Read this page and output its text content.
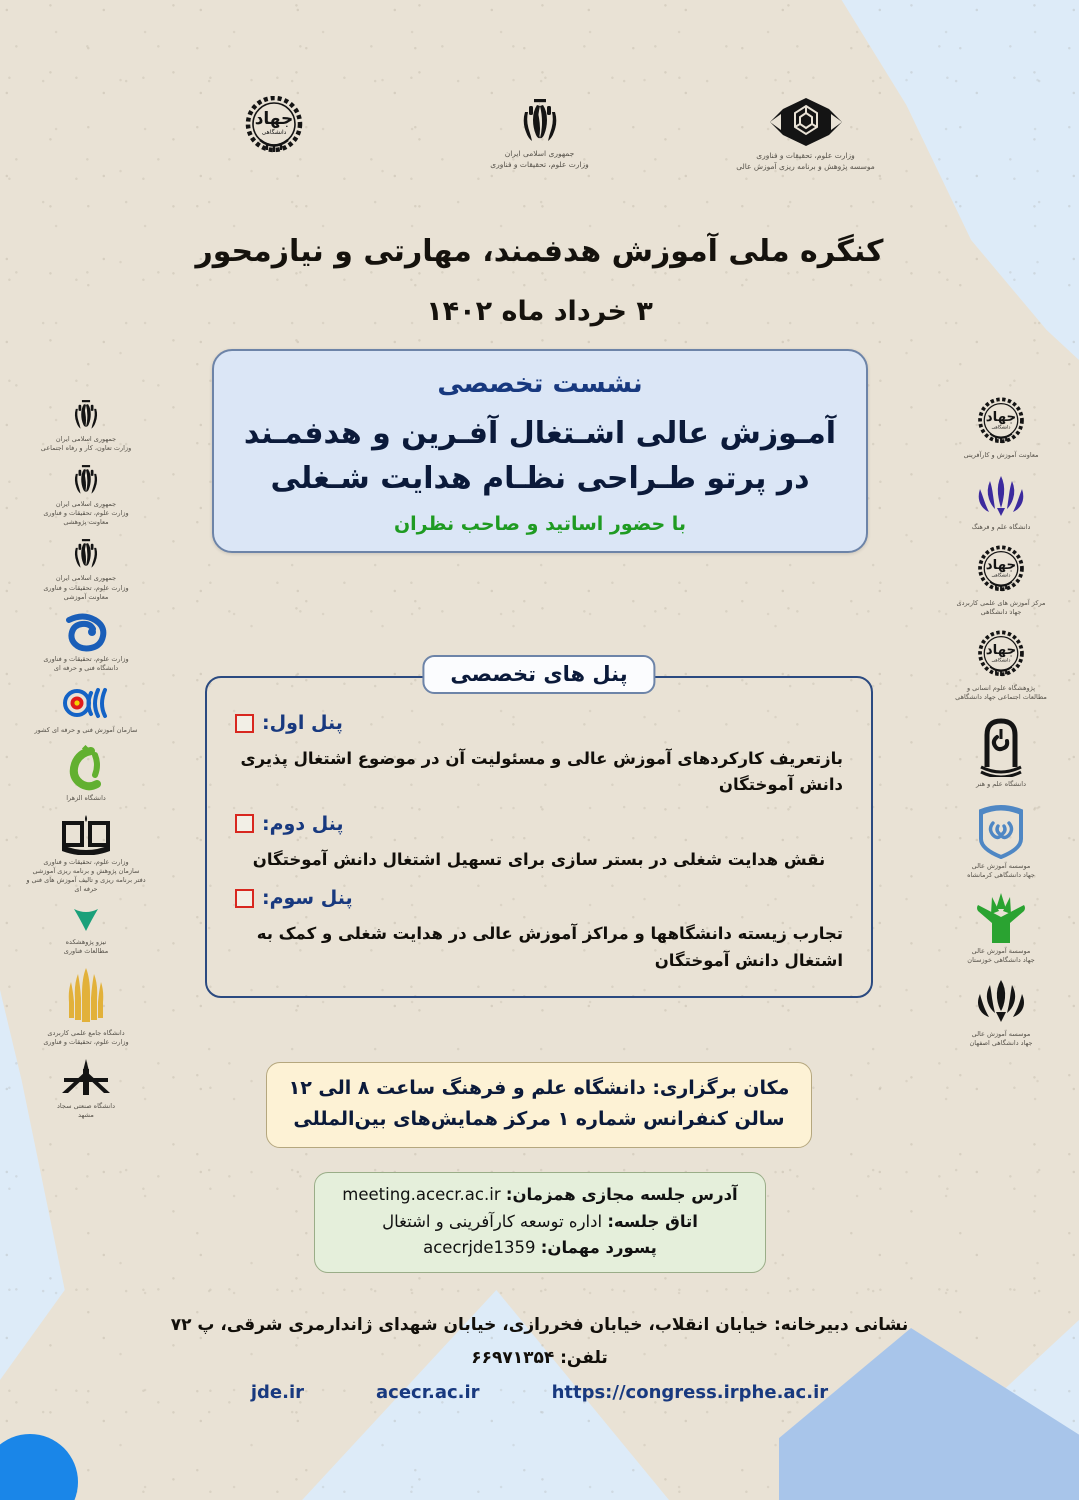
وزارت علوم، تحقیقات و فناوری
موسسه پژوهش و برنامه ریزی آموزش عالی
جمهوری اسلامی ایران
وزارت علوم، تحقیقات و فناوری
جهاد
دانشگاهی
کنگره ملی آموزش هدفمند، مهارتی و نیازمحور
۳ خرداد ماه ۱۴۰۲
نشست تخصصی
آمـوزش عالی اشـتغال آفـرین و هدفمـند
در پرتو طـراحی نظـام هدایت شـغلی
با حضور اساتید و صاحب نظران
پنل های تخصصی
پنل اول:
بازتعریف کارکردهای آموزش عالی و مسئولیت آن در موضوع اشتغال پذیری دانش آموختگان
پنل دوم:
نقش هدایت شغلی در بستر سازی برای تسهیل اشتغال دانش آموختگان
پنل سوم:
تجارب زیسته دانشگاهها و مراکز آموزش عالی در هدایت شغلی و کمک به اشتغال دانش آموختگان
مکان برگزاری: دانشگاه علم و فرهنگ ساعت ۸ الی ۱۲
سالن کنفرانس شماره ۱ مرکز همایش‌های بین‌المللی
آدرس جلسه مجازی همزمان: meeting.acecr.ac.ir
اتاق جلسه: اداره توسعه کارآفرینی و اشتغال
پسورد مهمان: acecrjde1359
نشانی دبیرخانه: خیابان انقلاب، خیابان فخررازی، خیابان شهدای ژاندارمری شرقی، پ ۷۲
تلفن: ۶۶۹۷۱۳۵۴
https://congress.irphe.ac.ir
acecr.ac.ir
jde.ir
جمهوری اسلامی ایران
وزارت تعاون، کار و رفاه اجتماعی
جمهوری اسلامی ایران
وزارت علوم، تحقیقات و فناوری
معاونت پژوهشی
جمهوری اسلامی ایران
وزارت علوم، تحقیقات و فناوری
معاونت آموزشی
وزارت علوم، تحقیقات و فناوری
دانشگاه فنی و حرفه ای
سازمان آموزش فنی و حرفه ای کشور
دانشگاه الزهرا
وزارت علوم، تحقیقات و فناوری
سازمان پژوهش و برنامه ریزی آموزشی
دفتر برنامه ریزی و تالیف آموزش های فنی و حرفه ای
نیزو پژوهشکده
مطالعات فناوری
دانشگاه جامع علمی کاربردی
وزارت علوم، تحقیقات و فناوری
دانشگاه صنعتی سجاد
مشهد
جهاد
دانشگاهی
معاونت آموزش و کارآفرینی
دانشگاه علم و فرهنگ
جهاد
دانشگاهی
مرکز آموزش های علمی کاربردی
جهاد دانشگاهی
جهاد
دانشگاهی
پژوهشگاه علوم انسانی و
مطالعات اجتماعی جهاد دانشگاهی
دانشگاه علم و هنر
موسسه آموزش عالی
جهاد دانشگاهی کرمانشاه
موسسه آموزش عالی
جهاد دانشگاهی خوزستان
موسسه آموزش عالی
جهاد دانشگاهی اصفهان
